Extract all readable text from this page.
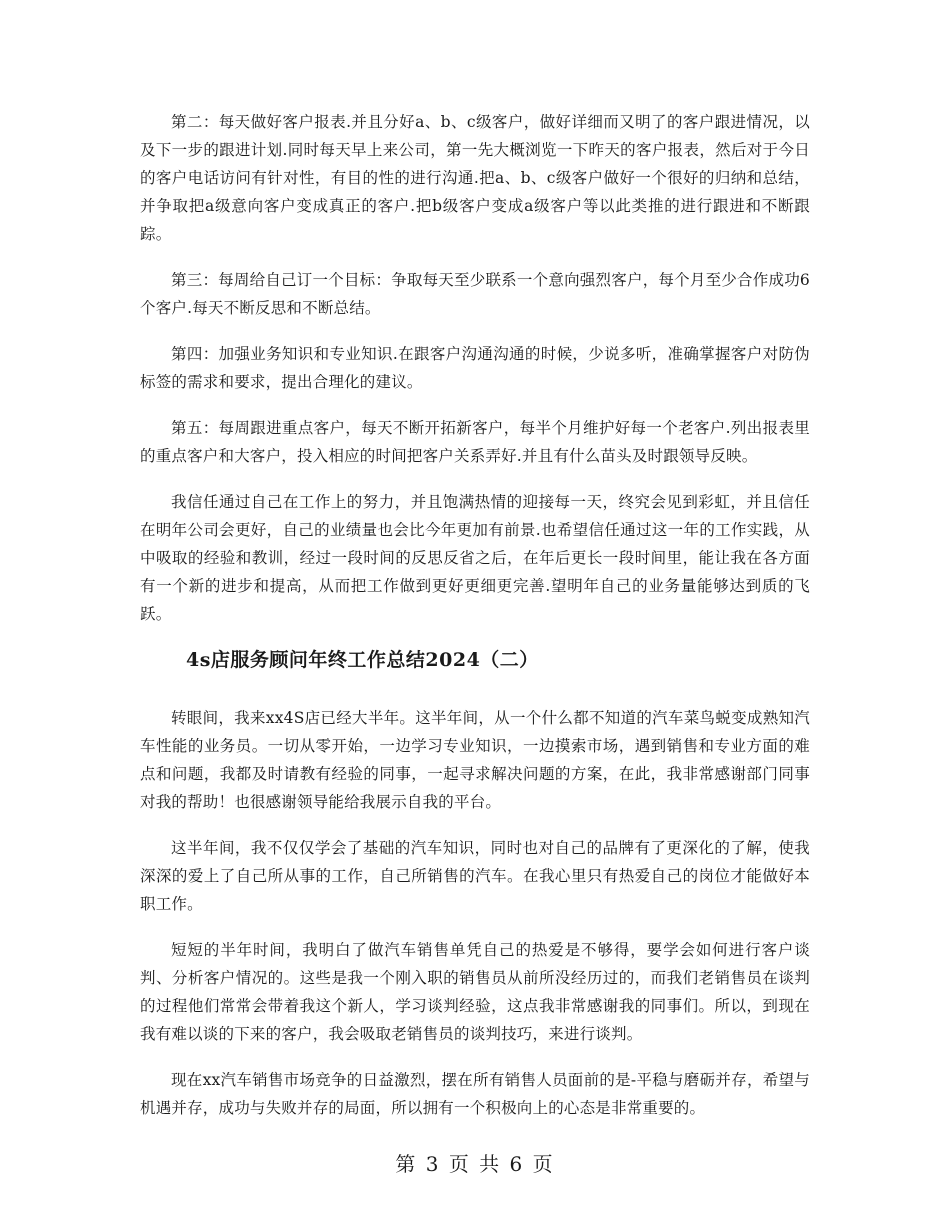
第二：每天做好客户报表.并且分好a、b、c级客户，做好详细而又明了的客户跟进情况，以及下一步的跟进计划.同时每天早上来公司，第一先大概浏览一下昨天的客户报表，然后对于今日的客户电话访问有针对性，有目的性的进行沟通.把a、b、c级客户做好一个很好的归纳和总结，并争取把a级意向客户变成真正的客户.把b级客户变成a级客户等以此类推的进行跟进和不断跟踪。

第三：每周给自己订一个目标：争取每天至少联系一个意向强烈客户，每个月至少合作成功6个客户.每天不断反思和不断总结。

第四：加强业务知识和专业知识.在跟客户沟通沟通的时候，少说多听，准确掌握客户对防伪标签的需求和要求，提出合理化的建议。

第五：每周跟进重点客户，每天不断开拓新客户，每半个月维护好每一个老客户.列出报表里的重点客户和大客户，投入相应的时间把客户关系弄好.并且有什么苗头及时跟领导反映。

我信任通过自己在工作上的努力，并且饱满热情的迎接每一天，终究会见到彩虹，并且信任在明年公司会更好，自己的业绩量也会比今年更加有前景.也希望信任通过这一年的工作实践，从中吸取的经验和教训，经过一段时间的反思反省之后，在年后更长一段时间里，能让我在各方面有一个新的进步和提高，从而把工作做到更好更细更完善.望明年自己的业务量能够达到质的飞跃。

4s店服务顾问年终工作总结2024（二）

转眼间，我来xx4S店已经大半年。这半年间，从一个什么都不知道的汽车菜鸟蜕变成熟知汽车性能的业务员。一切从零开始，一边学习专业知识，一边摸索市场，遇到销售和专业方面的难点和问题，我都及时请教有经验的同事，一起寻求解决问题的方案，在此，我非常感谢部门同事对我的帮助！也很感谢领导能给我展示自我的平台。

这半年间，我不仅仅学会了基础的汽车知识，同时也对自己的品牌有了更深化的了解，使我深深的爱上了自己所从事的工作，自己所销售的汽车。在我心里只有热爱自己的岗位才能做好本职工作。

短短的半年时间，我明白了做汽车销售单凭自己的热爱是不够得，要学会如何进行客户谈判、分析客户情况的。这些是我一个刚入职的销售员从前所没经历过的，而我们老销售员在谈判的过程他们常常会带着我这个新人，学习谈判经验，这点我非常感谢我的同事们。所以，到现在我有难以谈的下来的客户，我会吸取老销售员的谈判技巧，来进行谈判。

现在xx汽车销售市场竞争的日益激烈，摆在所有销售人员面前的是-平稳与磨砺并存，希望与机遇并存，成功与失败并存的局面，所以拥有一个积极向上的心态是非常重要的。

第 3 页 共 6 页
